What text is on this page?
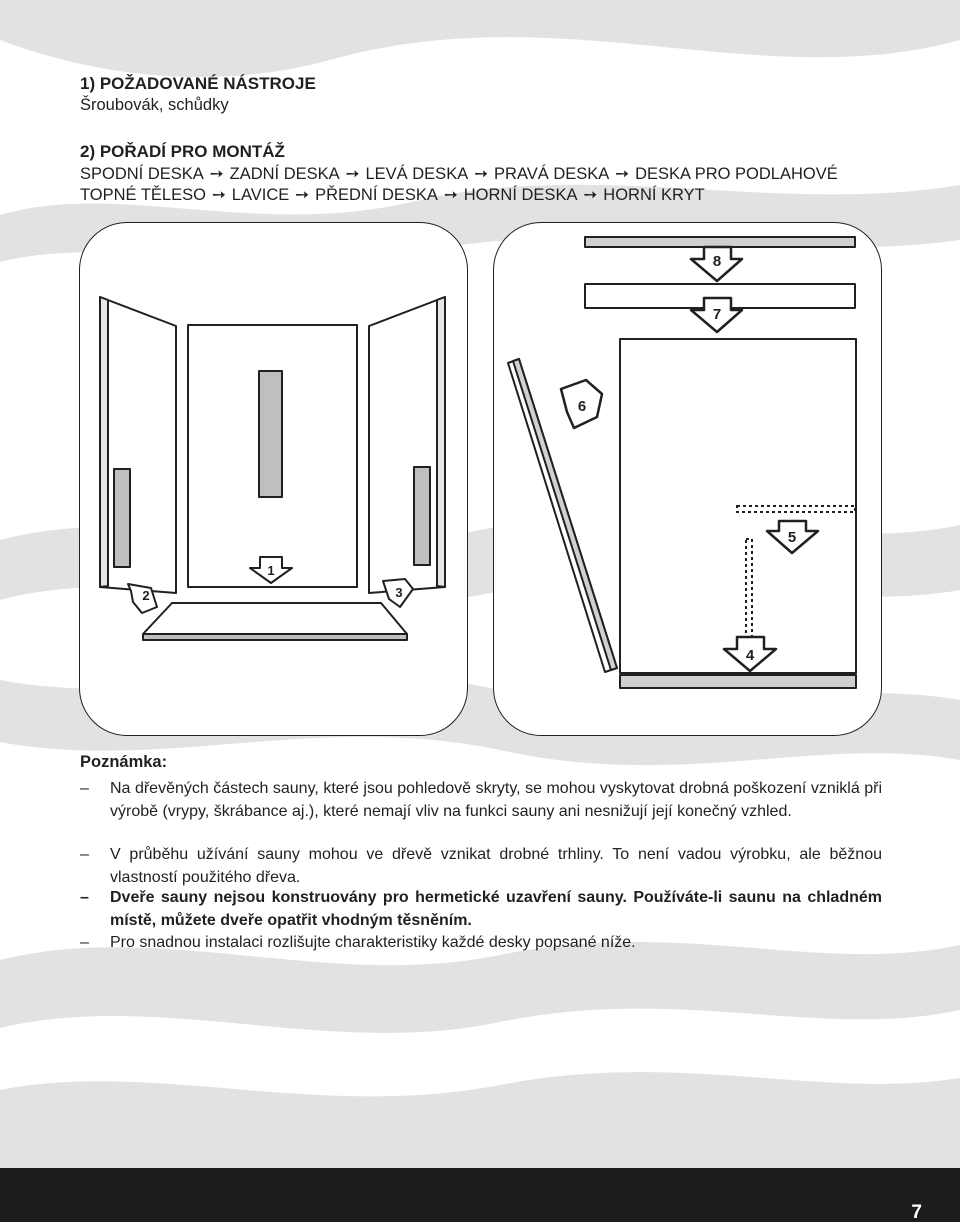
1) POŽADOVANÉ NÁSTROJE
Šroubovák, schůdky
2) POŘADÍ PRO MONTÁŽ
SPODNÍ DESKA ➙ ZADNÍ DESKA ➙ LEVÁ DESKA ➙ PRAVÁ DESKA ➙ DESKA PRO PODLAHOVÉ
TOPNÉ TĚLESO ➙ LAVICE ➙ PŘEDNÍ DESKA ➙ HORNÍ DESKA ➙ HORNÍ KRYT
1
2	3
8
7
6
5
4
Poznámka:
– Na dřevěných částech sauny, které jsou pohledově skryty, se mohou vyskytovat drobná poškození vzniklá při výrobě (vrypy, škrábance aj.), které nemají vliv na funkci sauny ani nesnižují její konečný vzhled.
– V průběhu užívání sauny mohou ve dřevě vznikat drobné trhliny. To není vadou výrobku, ale běžnou vlastností použitého dřeva.
– Dveře sauny nejsou konstruovány pro hermetické uzavření sauny. Používáte-li saunu na chladném místě, můžete dveře opatřit vhodným těsněním.
– Pro snadnou instalaci rozlišujte charakteristiky každé desky popsané níže.
7
